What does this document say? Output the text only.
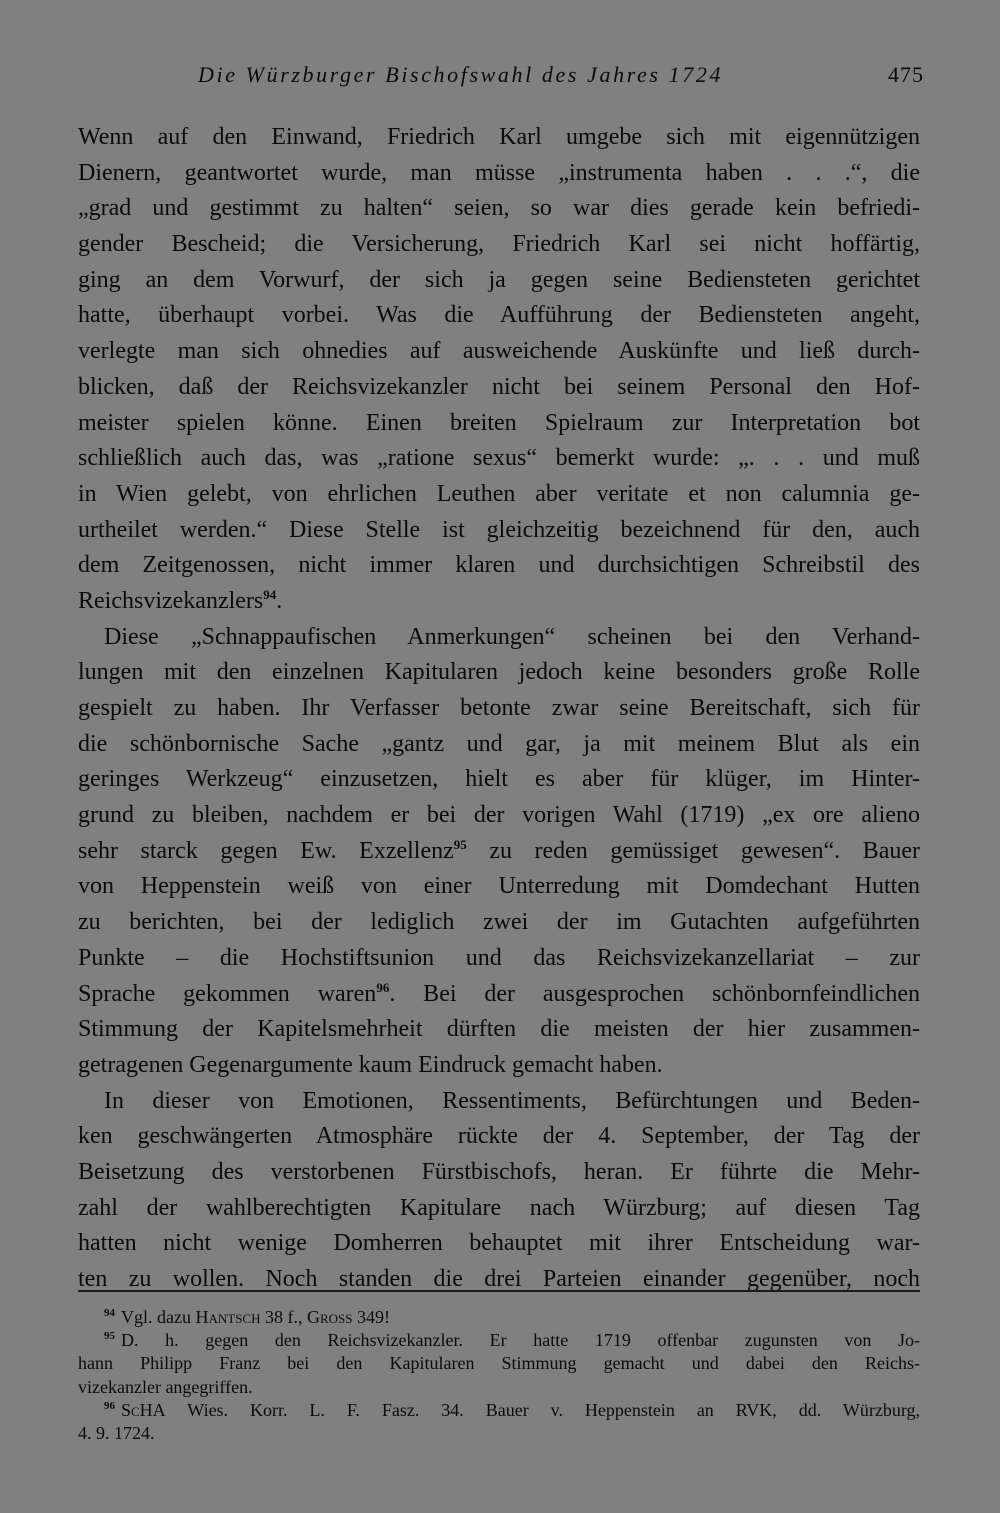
Die Würzburger Bischofswahl des Jahres 1724	475
Wenn auf den Einwand, Friedrich Karl umgebe sich mit eigennützigen
Dienern, geantwortet wurde, man müsse „instrumenta haben . . .“, die
„grad und gestimmt zu halten“ seien, so war dies gerade kein befriedi-
gender Bescheid; die Versicherung, Friedrich Karl sei nicht hoffärtig,
ging an dem Vorwurf, der sich ja gegen seine Bediensteten gerichtet
hatte, überhaupt vorbei. Was die Aufführung der Bediensteten angeht,
verlegte man sich ohnedies auf ausweichende Auskünfte und ließ durch-
blicken, daß der Reichsvizekanzler nicht bei seinem Personal den Hof-
meister spielen könne. Einen breiten Spielraum zur Interpretation bot
schließlich auch das, was „ratione sexus“ bemerkt wurde: „. . . und muß
in Wien gelebt, von ehrlichen Leuthen aber veritate et non calumnia ge-
urtheilet werden.“ Diese Stelle ist gleichzeitig bezeichnend für den, auch
dem Zeitgenossen, nicht immer klaren und durchsichtigen Schreibstil des
Reichsvizekanzlers$^{94}$.
Diese „Schnappaufischen Anmerkungen“ scheinen bei den Verhand-
lungen mit den einzelnen Kapitularen jedoch keine besonders große Rolle
gespielt zu haben. Ihr Verfasser betonte zwar seine Bereitschaft, sich für
die schönbornische Sache „gantz und gar, ja mit meinem Blut als ein
geringes Werkzeug“ einzusetzen, hielt es aber für klüger, im Hinter-
grund zu bleiben, nachdem er bei der vorigen Wahl (1719) „ex ore alieno
sehr starck gegen Ew. Exzellenz$^{95}$ zu reden gemüssiget gewesen“. Bauer
von Heppenstein weiß von einer Unterredung mit Domdechant Hutten
zu berichten, bei der lediglich zwei der im Gutachten aufgeführten
Punkte – die Hochstiftsunion und das Reichsvizekanzellariat – zur
Sprache gekommen waren$^{96}$. Bei der ausgesprochen schönbornfeindlichen
Stimmung der Kapitelsmehrheit dürften die meisten der hier zusammen-
getragenen Gegenargumente kaum Eindruck gemacht haben.
In dieser von Emotionen, Ressentiments, Befürchtungen und Beden-
ken geschwängerten Atmosphäre rückte der 4. September, der Tag der
Beisetzung des verstorbenen Fürstbischofs, heran. Er führte die Mehr-
zahl der wahlberechtigten Kapitulare nach Würzburg; auf diesen Tag
hatten nicht wenige Domherren behauptet mit ihrer Entscheidung war-
ten zu wollen. Noch standen die drei Parteien einander gegenüber, noch
$^{94}$ Vgl. dazu Hantsch 38 f., Gross 349!
$^{95}$ D. h. gegen den Reichsvizekanzler. Er hatte 1719 offenbar zugunsten von Jo-
hann Philipp Franz bei den Kapitularen Stimmung gemacht und dabei den Reichs-
vizekanzler angegriffen.
$^{96}$ ScHA Wies. Korr. L. F. Fasz. 34. Bauer v. Heppenstein an RVK, dd. Würzburg,
4. 9. 1724.
